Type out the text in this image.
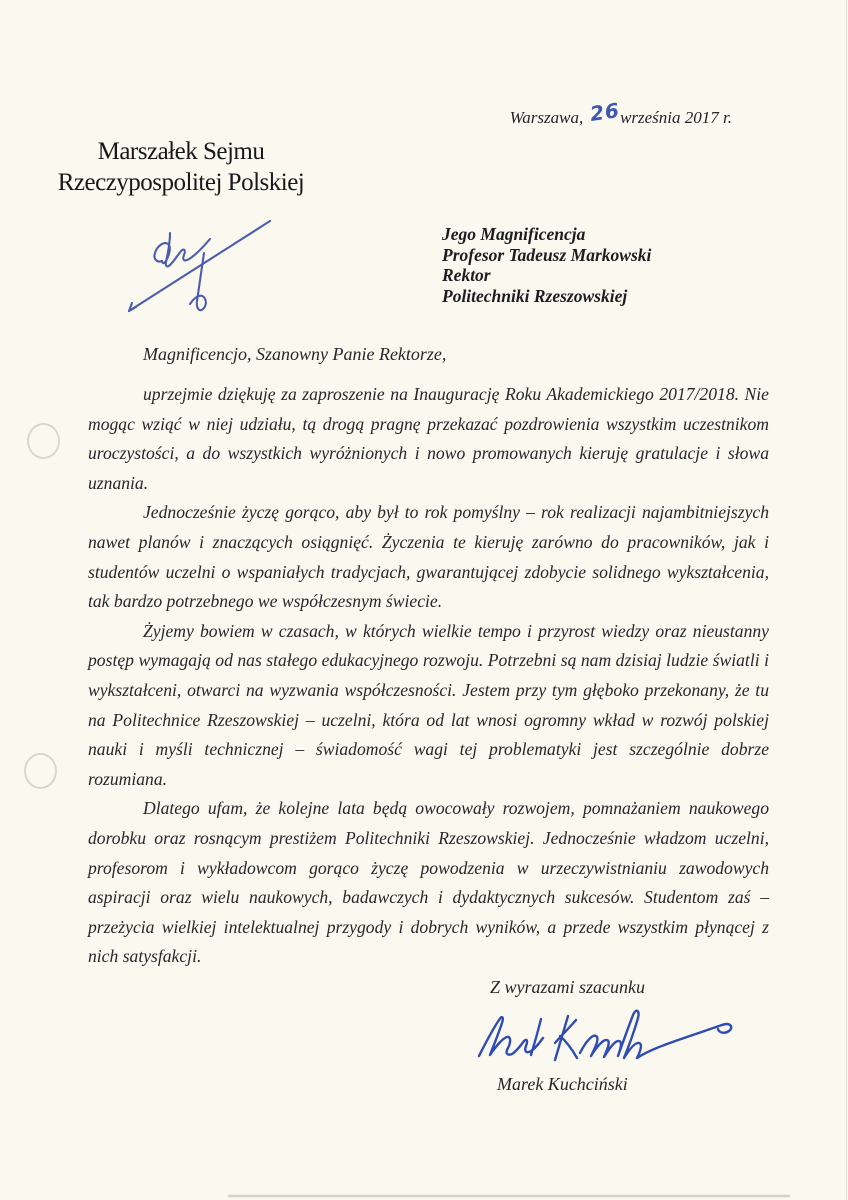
Warszawa, 26września 2017 r.
Marszałek Sejmu
Rzeczypospolitej Polskiej
Jego Magnificencja
Profesor Tadeusz Markowski
Rektor
Politechniki Rzeszowskiej
Magnificencjo, Szanowny Panie Rektorze,

uprzejmie dziękuję za zaproszenie na Inaugurację Roku Akademickiego 2017/2018. Nie mogąc wziąć w niej udziału, tą drogą pragnę przekazać pozdrowienia wszystkim uczestnikom uroczystości, a do wszystkich wyróżnionych i nowo promowanych kieruję gratulacje i słowa uznania.

Jednocześnie życzę gorąco, aby był to rok pomyślny – rok realizacji najambitniejszych nawet planów i znaczących osiągnięć. Życzenia te kieruję zarówno do pracowników, jak i studentów uczelni o wspaniałych tradycjach, gwarantującej zdobycie solidnego wykształcenia, tak bardzo potrzebnego we współczesnym świecie.

Żyjemy bowiem w czasach, w których wielkie tempo i przyrost wiedzy oraz nieustanny postęp wymagają od nas stałego edukacyjnego rozwoju. Potrzebni są nam dzisiaj ludzie światli i wykształceni, otwarci na wyzwania współczesności. Jestem przy tym głęboko przekonany, że tu na Politechnice Rzeszowskiej – uczelni, która od lat wnosi ogromny wkład w rozwój polskiej nauki i myśli technicznej – świadomość wagi tej problematyki jest szczególnie dobrze rozumiana.

Dlatego ufam, że kolejne lata będą owocowały rozwojem, pomnażaniem naukowego dorobku oraz rosnącym prestiżem Politechniki Rzeszowskiej. Jednocześnie władzom uczelni, profesorom i wykładowcom gorąco życzę powodzenia w urzeczywistnianiu zawodowych aspiracji oraz wielu naukowych, badawczych i dydaktycznych sukcesów. Studentom zaś – przeżycia wielkiej intelektualnej przygody i dobrych wyników, a przede wszystkim płynącej z nich satysfakcji.

Z wyrazami szacunku
Marek Kuchciński
